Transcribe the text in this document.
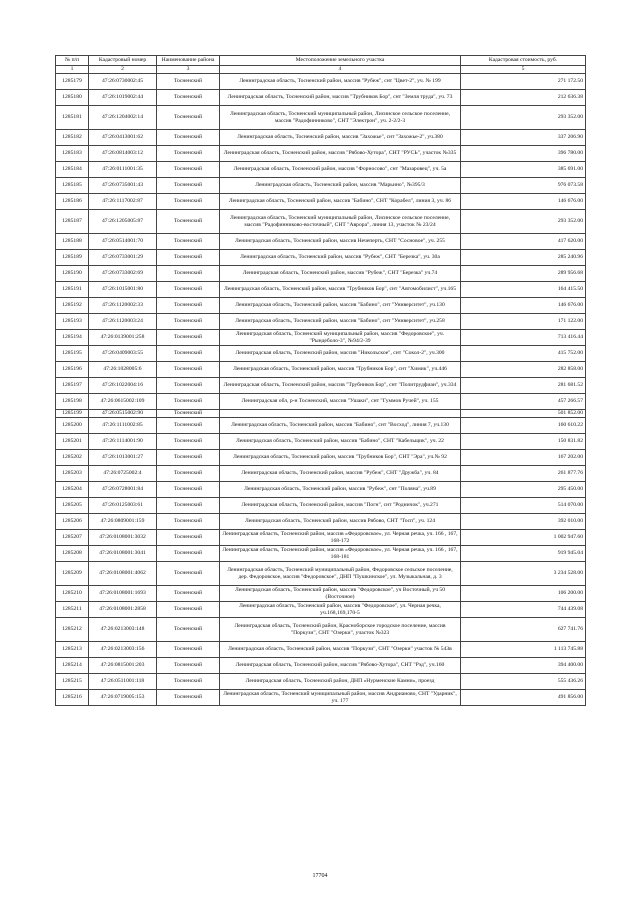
№ п/п	Кадастровый номер	Наименование района	Местоположение земельного участка	Кадастровая стоимость, руб.
1	2	3	4	5
1285179	47:26:0730002:45	Тосненский	Ленинградская область, Тосненский район, массив "Рубеж", снт "Цвет-2", уч. № 199	271 172.50
1285180	47:26:1019002:44	Тосненский	Ленинградская область, Тосненский район, массив "Трубников Бор", снт "Земля труда", уч. 73	212 636.38
1285181	47:26:1204002:14	Тосненский	Ленинградская область, Тосненский муниципальный район, Лисинское сельское поселение, массив "Радофинниково", СНТ "Электрон", уч. 2-2/2-3	293 352.00
1285182	47:26:0413001:62	Тосненский	Ленинградская область, Тосненский район, массив "Захожье", снт "Захожье-2", уч.380	337 206.90
1285183	47:26:0814003:12	Тосненский	Ленинградская область, Тосненский район, массив "Рябово-Хутора", СНТ "РУСЬ", участок №335	396 780.00
1285184	47:26:0111001:35	Тосненский	Ленинградская область, Тосненский район, массив "Форносово", снт "Мазаровец", уч. 5а	385 691.00
1285185	47:26:0735001:43	Тосненский	Ленинградская область, Тосненский район, массив "Марьино", №395/3	976 073.58
1285186	47:26:1117002:87	Тосненский	Ленинградская область, Тосненский район, массив "Бабино", СНТ "Корабел", линия 3, уч. 86	146 676.00
1285187	47:26:1205005:87	Тосненский	Ленинградская область, Тосненский муниципальный район, Лисинское сельское поселение, массив "Радофинниково-восточный", СНТ "Аврора", линия 13, участок № 23/24	293 352.00
1285188	47:26:0514001:70	Тосненский	Ленинградская область, Тосненский район, массив Нечеперть, СНТ "Сосновое", уч. 255	417 620.00
1285189	47:26:0733001:29	Тосненский	Ленинградская область, Тосненский район, массив "Рубеж", СНТ "Березка", уч. 30а	285 240.96
1285190	47:26:0733002:69	Тосненский	Ленинградская область, Тосненский район, массив "Рубеж", СНТ "Березка" уч.74	289 956.68
1285191	47:26:1015001:80	Тосненский	Ленинградская область, Тосненский район, массив "Трубников Бор", снт "Автомобилист", уч.165	164 415.50
1285192	47:26:1120002:33	Тосненский	Ленинградская область, Тосненский район, массив "Бабино", снт "Университет", уч.130	146 676.00
1285193	47:26:1120003:24	Тосненский	Ленинградская область, Тосненский район, массив "Бабино", снт "Университет", уч.258	171 122.00
1285194	47:26:0139001:258	Тосненский	Ленинградская область, Тосненский муниципальный район, массив "Федоровское", уч. "Рындеболо-3", №94/2-39	713 416.44
1285195	47:26:0409003:55	Тосненский	Ленинградская область, Тосненский район, массив "Никольское", снт "Сокол-2", уч.300	415 752.00
1285196	47:26:1028005:6	Тосненский	Ленинградская область, Тосненский район, массив "Трубников Бор", снт "Химик", уч.446	282 858.00
1285197	47:26:1022004:16	Тосненский	Ленинградская область, Тосненский район, массив "Трубников Бор", снт "Политрудфиан", уч.334	281 681.52
1285198	47:26:0615002:109	Тосненский	Ленинградская обл, р-н Тосненский, массив "Ушаки", снт "Гуммов Ручей", уч. 155	457 266.57
1285199	47:26:0515002:90	Тосненский		501 852.00
1285200	47:26:1111002:85	Тосненский	Ленинградская область, Тосненский район, массив "Бабино", снт "Восход", линия 7, уч.130	160 610.22
1285201	47:26:1114001:90	Тосненский	Ленинградская область, Тосненский район, массив "Бабино", СНТ "Кабельщик", уч. 22	150 831.82
1285202	47:26:1013001:27	Тосненский	Ленинградская область, Тосненский район, массив "Трубников Бор", СНТ "Эра", уч.№ 92	167 202.00
1285203	47:26:0725002:4	Тосненский	Ленинградская область, Тосненский район, массив "Рубеж", СНТ "Дружба", уч. 84	261 877.76
1285204	47:26:0728001:84	Тосненский	Ленинградская область, Тосненский район, массив "Рубеж", снт "Поляна", уч.89	295 450.00
1285205	47:26:0125003:61	Тосненский	Ленинградская область, Тосненский район, массив "Погн", снт "Родничок", уч.271	514 070.00
1285206	47:26:0809001:159	Тосненский	Ленинградская область, Тосненский район, массив Рябово, СНТ "Тосп", уч. 124	392 010.00
1285207	47:26:0108001:3032	Тосненский	Ленинградская область, Тосненский район, массив «Федоровское», ул. Черная речка, уч. 166 , 167, 168-172	1 002 947.60
1285208	47:26:0108001:3041	Тосненский	Ленинградская область, Тосненский район, массив «Федоровское», ул. Черная речка, уч. 166 , 167, 168-181	919 945.04
1285209	47:26:0108001:4062	Тосненский	Ленинградская область, Тосненский муниципальный район, Федоровское сельское поселение, дер. Федоровское, массив "Федоровское", ДНП "Пушкинское", ул. Музыкальная, д. 3	3 234 528.00
1285210	47:26:0108001:1693	Тосненский	Ленинградская область, Тосненский район, массив "Федоровское", уч Восточный, уч 50 (Восточное)	106 200.00
1285211	47:26:0108001:2858	Тосненский	Ленинградская область, Тосненский район, массив "Федоровское", ул. Черная речка, уч.168,169,170-5	744 439.08
1285212	47:26:0213003:148	Тосненский	Ленинградская область, Тосненский район, Красноборское городское поселение, массив "Поркузи", СНТ "Озерки", участок №323	627 741.76
1285213	47:26:0213003:156	Тосненский	Ленинградская область, Тосненский район, массив "Поркузи", СНТ "Озерки" участок № 543в	1 113 745.88
1285214	47:26:0815001:203	Тосненский	Ленинградская область, Тосненский район, массив "Рябово-Хутора", СНТ "Рэд", уч.160	394 400.00
1285215	47:26:0511001:118	Тосненский	Ленинградская область, Тосненский район, ДНП «Нурменские Камни», проезд	555 436.26
1285216	47:26:0719005:153	Тосненский	Ленинградская область, Тосненский муниципальный район, массив Андрианово, СНТ "Ударник", уч. 177	491 856.00
17704
